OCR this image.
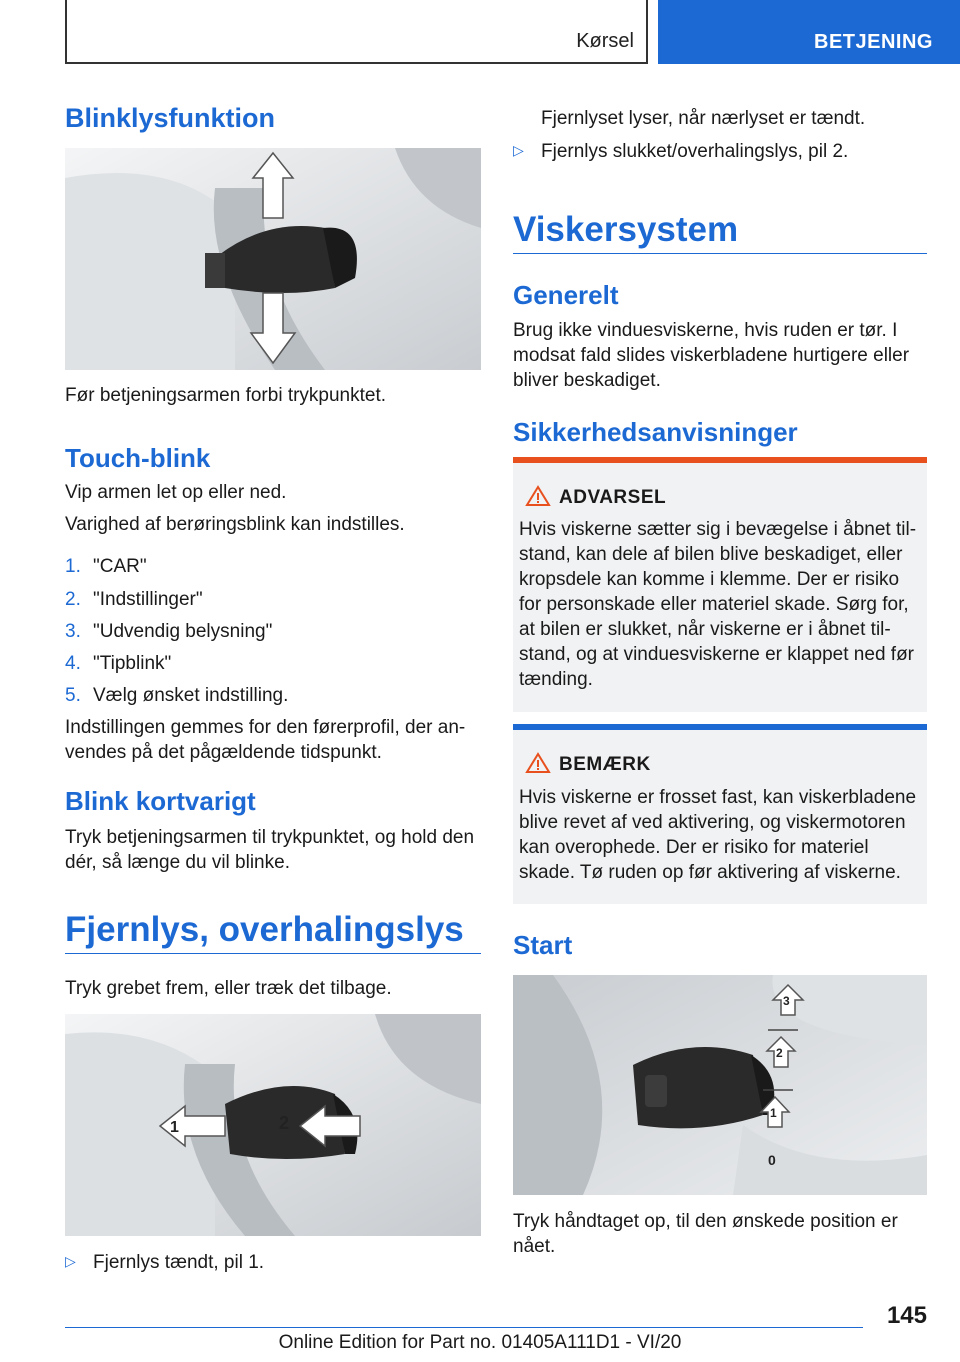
Kørsel	BETJENING
Blinklysfunktion

Før betjeningsarmen forbi trykpunktet.

Touch-blink

Vip armen let op eller ned.

Varighed af berøringsblink kan indstilles.

1. "CAR"

2. "Indstillinger"

3. "Udvendig belysning"

4. "Tipblink"

5. Vælg ønsket indstilling.

Indstillingen gemmes for den førerprofil, der an-

vendes på det pågældende tidspunkt.

Blink kortvarigt

Tryk betjeningsarmen til trykpunktet, og hold den

dér, så længe du vil blinke.

Fjernlys, overhalingslys

Tryk grebet frem, eller træk det tilbage.

1	2

▷ Fjernlys tændt, pil 1.

Fjernlyset lyser, når nærlyset er tændt.

▷ Fjernlys slukket/overhalingslys, pil 2.

Viskersystem
Generelt

Brug ikke vinduesviskerne, hvis ruden er tør. I

modsat fald slides viskerbladene hurtigere eller

bliver beskadiget.

Sikkerhedsanvisninger
ADVARSEL
Hvis viskerne sætter sig i bevægelse i åbnet til-
stand, kan dele af bilen blive beskadiget, eller
kropsdele kan komme i klemme. Der er risiko
for personskade eller materiel skade. Sørg for,
at bilen er slukket, når viskerne er i åbnet til-
stand, og at vinduesviskerne er klappet ned før
tænding.
BEMÆRK
Hvis viskerne er frosset fast, kan viskerbladene
blive revet af ved aktivering, og viskermotoren
kan overophede. Der er risiko for materiel
skade. Tø ruden op før aktivering af viskerne.
Start
3
2
1
0

Tryk håndtaget op, til den ønskede position er

nået.

145
Online Edition for Part no. 01405A111D1 - VI/20
